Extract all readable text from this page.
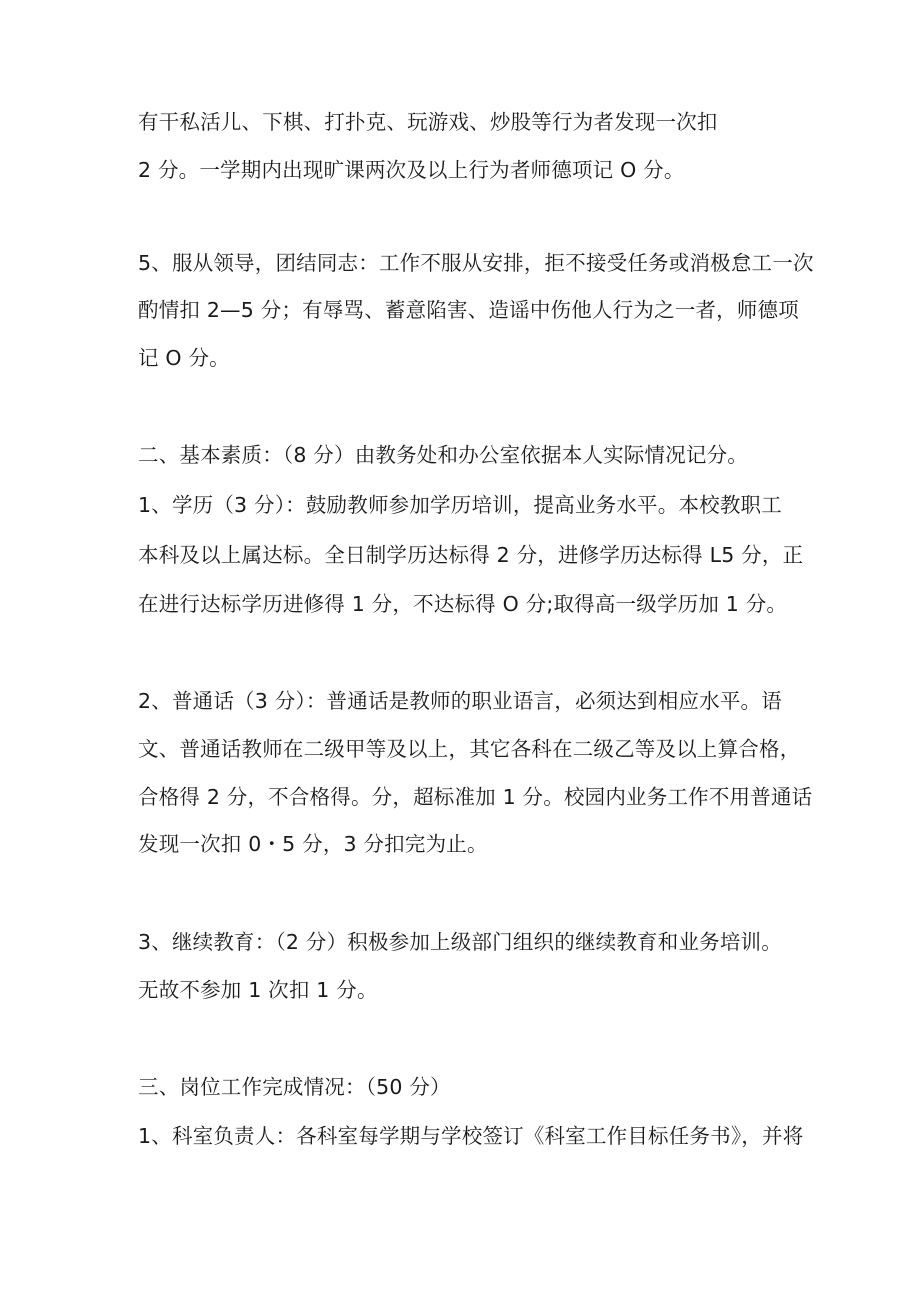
有干私活儿、下棋、打扑克、玩游戏、炒股等行为者发现一次扣
2 分。一学期内出现旷课两次及以上行为者师德项记 O 分。
5、服从领导，团结同志：工作不服从安排，拒不接受任务或消极怠工一次
酌情扣 2—5 分；有辱骂、蓄意陷害、造谣中伤他人行为之一者，师德项
记 O 分。
二、基本素质：（8 分）由教务处和办公室依据本人实际情况记分。
1、学历（3 分）：鼓励教师参加学历培训，提高业务水平。本校教职工
本科及以上属达标。全日制学历达标得 2 分，进修学历达标得 L5 分，正
在进行达标学历进修得 1 分，不达标得 O 分;取得高一级学历加 1 分。
2、普通话（3 分）：普通话是教师的职业语言，必须达到相应水平。语
文、普通话教师在二级甲等及以上，其它各科在二级乙等及以上算合格，
合格得 2 分，不合格得。分，超标准加 1 分。校园内业务工作不用普通话
发现一次扣 0・5 分，3 分扣完为止。
3、继续教育：（2 分）积极参加上级部门组织的继续教育和业务培训。
无故不参加 1 次扣 1 分。
三、岗位工作完成情况：（50 分）
1、科室负责人：各科室每学期与学校签订《科室工作目标任务书》，并将
